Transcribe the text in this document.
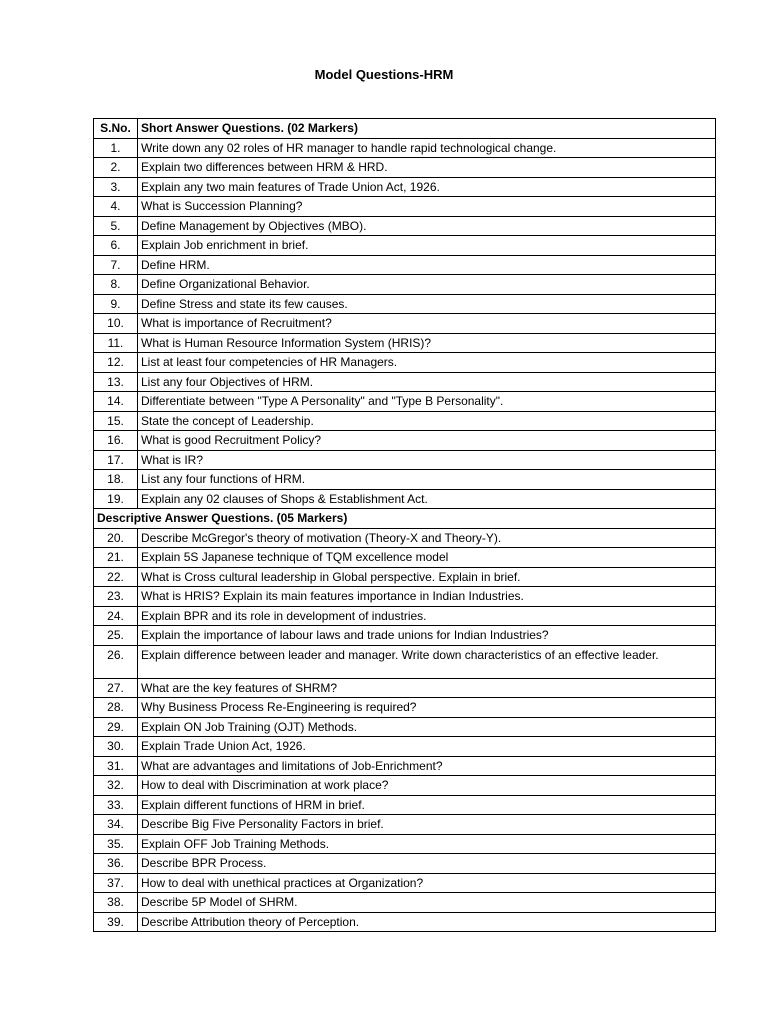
Model Questions-HRM
S.No.	Short Answer Questions. (02 Markers)
1.	Write down any 02 roles of HR manager to handle rapid technological change.
2.	Explain two differences between HRM & HRD.
3.	Explain any two main features of Trade Union Act, 1926.
4.	What is Succession Planning?
5.	Define Management by Objectives (MBO).
6.	Explain Job enrichment in brief.
7.	Define HRM.
8.	Define Organizational Behavior.
9.	Define Stress and state its few causes.
10.	What is importance of Recruitment?
11.	What is Human Resource Information System (HRIS)?
12.	List at least four competencies of HR Managers.
13.	List any four Objectives of HRM.
14.	Differentiate between "Type A Personality" and "Type B Personality".
15.	State the concept of Leadership.
16.	What is good Recruitment Policy?
17.	What is IR?
18.	List any four functions of HRM.
19.	Explain any 02 clauses of Shops & Establishment Act.
Descriptive Answer Questions. (05 Markers)	
20.	Describe McGregor's theory of motivation (Theory-X and Theory-Y).
21.	Explain 5S Japanese technique of TQM excellence model
22.	What is Cross cultural leadership in Global perspective. Explain in brief.
23.	What is HRIS? Explain its main features importance in Indian Industries.
24.	Explain BPR and its role in development of industries.
25.	Explain the importance of labour laws and trade unions for Indian Industries?
26.	Explain difference between leader and manager. Write down characteristics of an effective leader.
27.	What are the key features of SHRM?
28.	Why Business Process Re-Engineering is required?
29.	Explain ON Job Training (OJT) Methods.
30.	Explain Trade Union Act, 1926.
31.	What are advantages and limitations of Job-Enrichment?
32.	How to deal with Discrimination at work place?
33.	Explain different functions of HRM in brief.
34.	Describe Big Five Personality Factors in brief.
35.	Explain OFF Job Training Methods.
36.	Describe BPR Process.
37.	How to deal with unethical practices at Organization?
38.	Describe 5P Model of SHRM.
39.	Describe Attribution theory of Perception.
